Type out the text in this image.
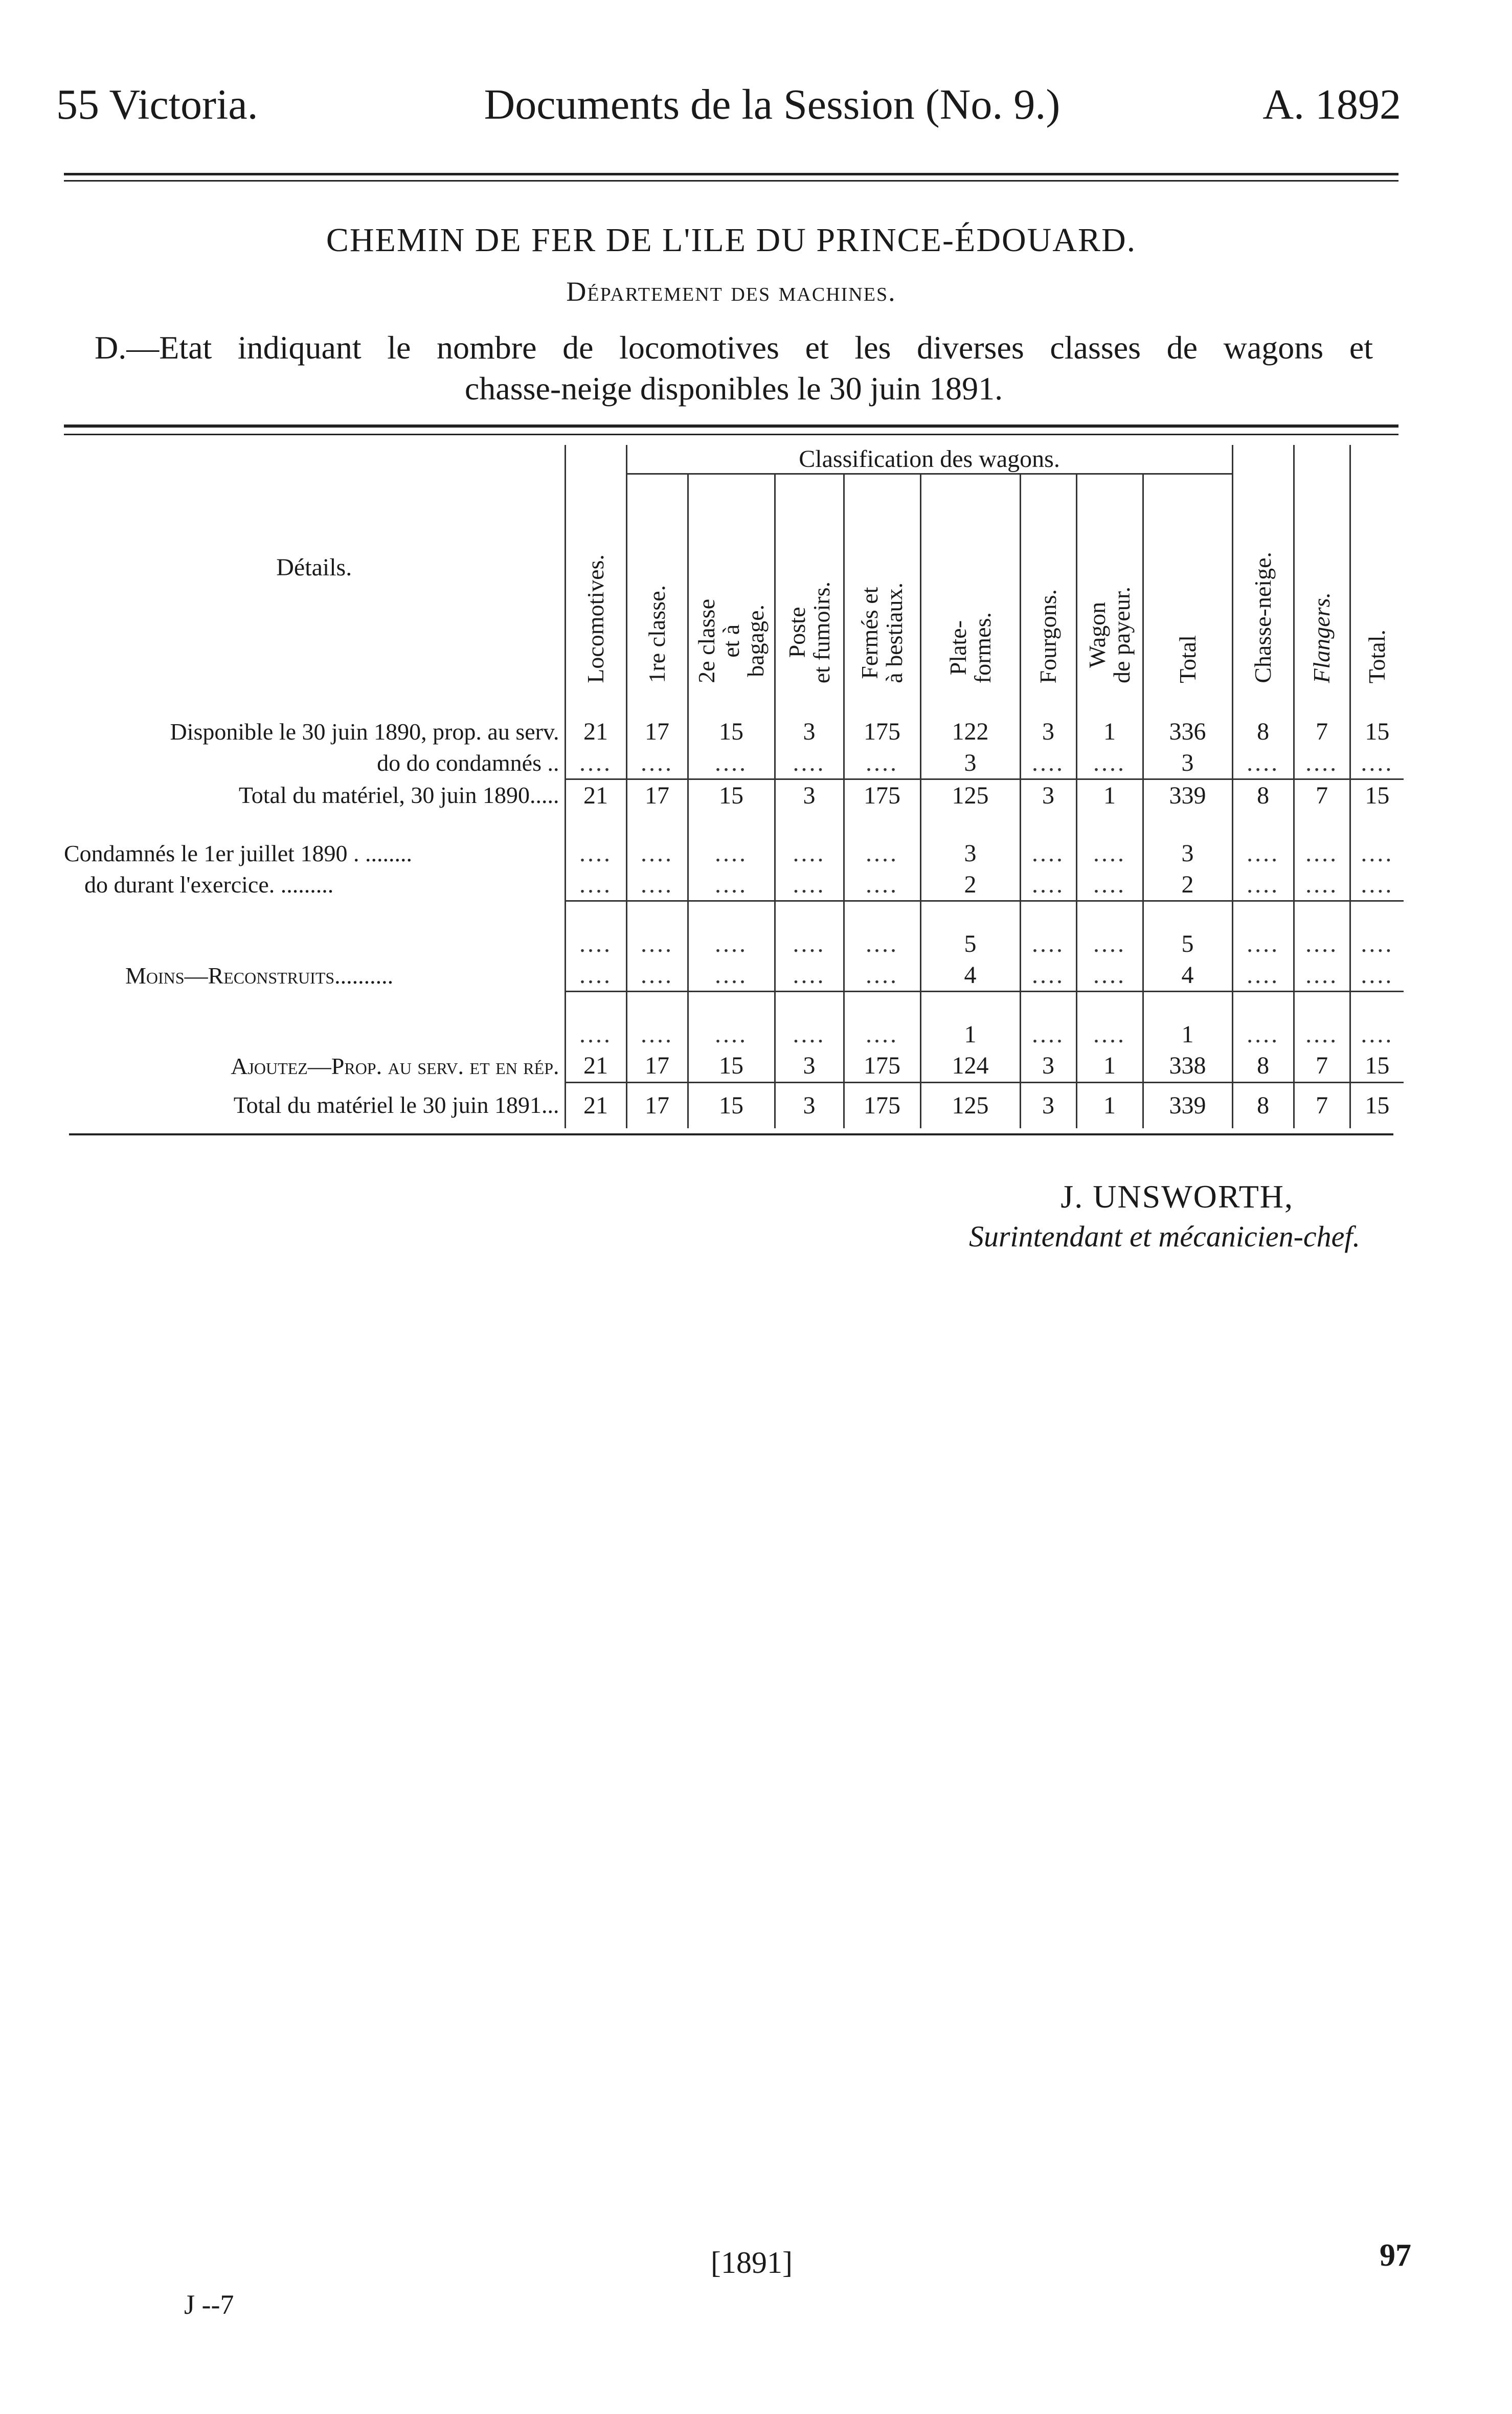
55 Victoria.	Documents de la Session (No. 9.)	A. 1892
CHEMIN DE FER DE L'ILE DU PRINCE-ÉDOUARD.
Département des machines.
D.—Etat indiquant le nombre de locomotives et les diverses classes de wagons et
chasse-neige disponibles le 30 juin 1891.
Détails.	Locomotives.	Classification des wagons.								Chasse-neige.	Flangers.	Total.
		1re classe.	2e classe
et à
bagage.	Poste
et fumoirs.	Fermés et
à bestiaux.	Plate-
formes.	Fourgons.	Wagon
de payeur.	Total			

Disponible le 30 juin 1890, prop. au serv.	21	17	15	3	175	122	3	1	336	8	7	15
do do condamnés ..	....	....	....	....	....	3	....	....	3	....	....	....
Total du matériel, 30 juin 1890.....	21	17	15	3	175	125	3	1	339	8	7	15

Condamnés le 1er juillet 1890 . ........	....	....	....	....	....	3	....	....	3	....	....	....
do durant l'exercice. .........	....	....	....	....	....	2	....	....	2	....	....	....

	....	....	....	....	....	5	....	....	5	....	....	....
Moins—Reconstruits..........	....	....	....	....	....	4	....	....	4	....	....	....

	....	....	....	....	....	1	....	....	1	....	....	....
Ajoutez—Prop. au serv. et en rép.	21	17	15	3	175	124	3	1	338	8	7	15
Total du matériel le 30 juin 1891...	21	17	15	3	175	125	3	1	339	8	7	15
J. UNSWORTH,
Surintendant et mécanicien-chef.
[1891]	97
J --7
